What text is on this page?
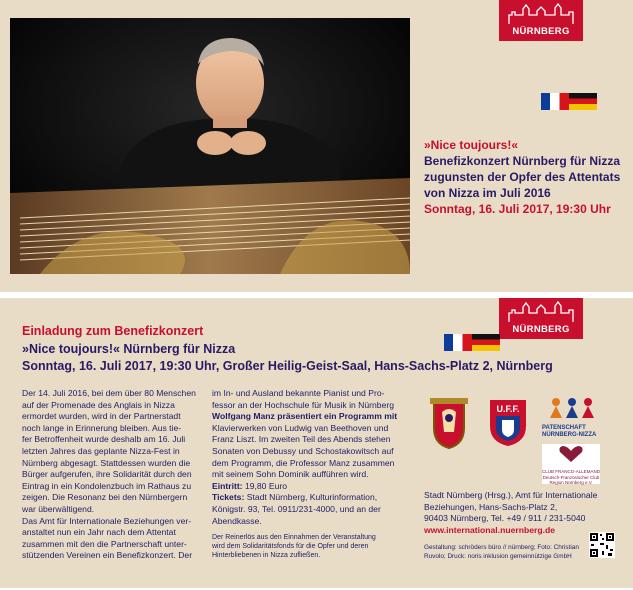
NÜRNBERG
»Nice toujours!«
Benefizkonzert Nürnberg für Nizza
zugunsten der Opfer des Attentats
von Nizza im Juli 2016
Sonntag, 16. Juli 2017, 19:30 Uhr
NÜRNBERG
Einladung zum Benefizkonzert
»Nice toujours!« Nürnberg für Nizza
Sonntag, 16. Juli 2017, 19:30 Uhr, Großer Heilig-Geist-Saal, Hans-Sachs-Platz 2, Nürnberg

Der 14. Juli 2016, bei dem über 80 Menschen

auf der Promenade des Anglais in Nizza

ermordet wurden, wird in der Partnerstadt

noch lange in Erinnerung bleiben. Aus tie-

fer Betroffenheit wurde deshalb am 16. Juli

letzten Jahres das geplante Nizza-Fest in

Nürnberg abgesagt. Stattdessen wurden die

Bürger aufgerufen, ihre Solidarität durch den

Eintrag in ein Kondolenzbuch im Rathaus zu

zeigen. Die Resonanz bei den Nürnbergern

war überwältigend.

Das Amt für Internationale Beziehungen ver-

anstaltet nun ein Jahr nach dem Attentat

zusammen mit den die Partnerschaft unter-

stützenden Vereinen ein Benefizkonzert. Der

im In- und Ausland bekannte Pianist und Pro-

fessor an der Hochschule für Musik in Nürnberg

Wolfgang Manz präsentiert ein Programm mit

Klavierwerken von Ludwig van Beethoven und

Franz Liszt. Im zweiten Teil des Abends stehen

Sonaten von Debussy und Schostakowitsch auf

dem Programm, die Professor Manz zusammen

mit seinem Sohn Dominik aufführen wird.

Eintritt: 19,80 Euro

Tickets: Stadt Nürnberg, Kulturinformation,

Königstr. 93, Tel. 0911/231-4000, und an der

Abendkasse.

Der Reinerlös aus den Einnahmen der Veranstaltung

wird dem Solidaritätsfonds für die Opfer und deren

Hinterbliebenen in Nizza zufließen.

U.F.F.
PATENSCHAFT
NÜRNBERG-NIZZA
CLUB FRANCO-ALLEMAND
Deutsch-Französischer Club
Region Nürnberg e.V.

Stadt Nürnberg (Hrsg.), Amt für Internationale

Beziehungen, Hans-Sachs-Platz 2,

90403 Nürnberg, Tel. +49 / 911 / 231-5040

www.international.nuernberg.de

Gestaltung: schröders büro // nürnberg; Foto: Christian

Ruvolo; Druck: noris inklusion gemeinnützige GmbH
